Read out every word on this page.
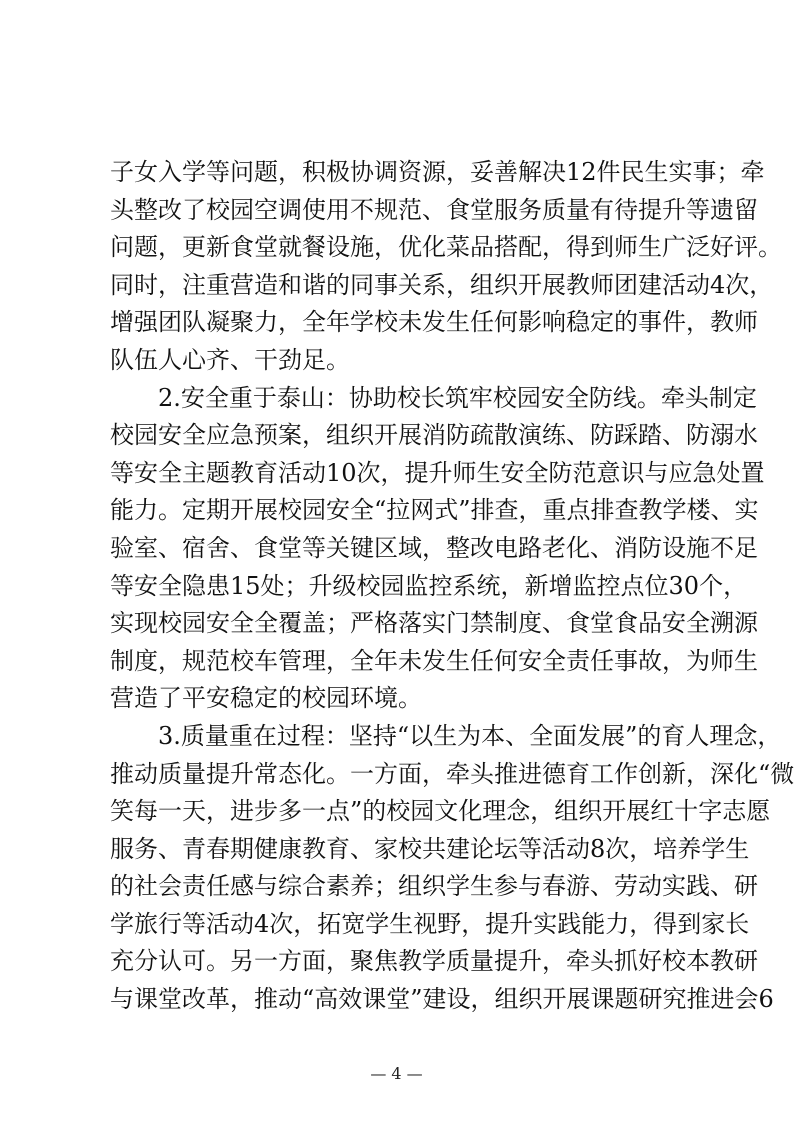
子女入学等问题，积极协调资源，妥善解决12件民生实事；牵
头整改了校园空调使用不规范、食堂服务质量有待提升等遗留
问题，更新食堂就餐设施，优化菜品搭配，得到师生广泛好评。
同时，注重营造和谐的同事关系，组织开展教师团建活动4次，
增强团队凝聚力，全年学校未发生任何影响稳定的事件，教师
队伍人心齐、干劲足。
2.安全重于泰山：协助校长筑牢校园安全防线。牵头制定
校园安全应急预案，组织开展消防疏散演练、防踩踏、防溺水
等安全主题教育活动10次，提升师生安全防范意识与应急处置
能力。定期开展校园安全“拉网式”排查，重点排查教学楼、实
验室、宿舍、食堂等关键区域，整改电路老化、消防设施不足
等安全隐患15处；升级校园监控系统，新增监控点位30个，
实现校园安全全覆盖；严格落实门禁制度、食堂食品安全溯源
制度，规范校车管理，全年未发生任何安全责任事故，为师生
营造了平安稳定的校园环境。
3.质量重在过程：坚持“以生为本、全面发展”的育人理念，
推动质量提升常态化。一方面，牵头推进德育工作创新，深化“微
笑每一天，进步多一点”的校园文化理念，组织开展红十字志愿
服务、青春期健康教育、家校共建论坛等活动8次，培养学生
的社会责任感与综合素养；组织学生参与春游、劳动实践、研
学旅行等活动4次，拓宽学生视野，提升实践能力，得到家长
充分认可。另一方面，聚焦教学质量提升，牵头抓好校本教研
与课堂改革，推动“高效课堂”建设，组织开展课题研究推进会6
— 4 —
